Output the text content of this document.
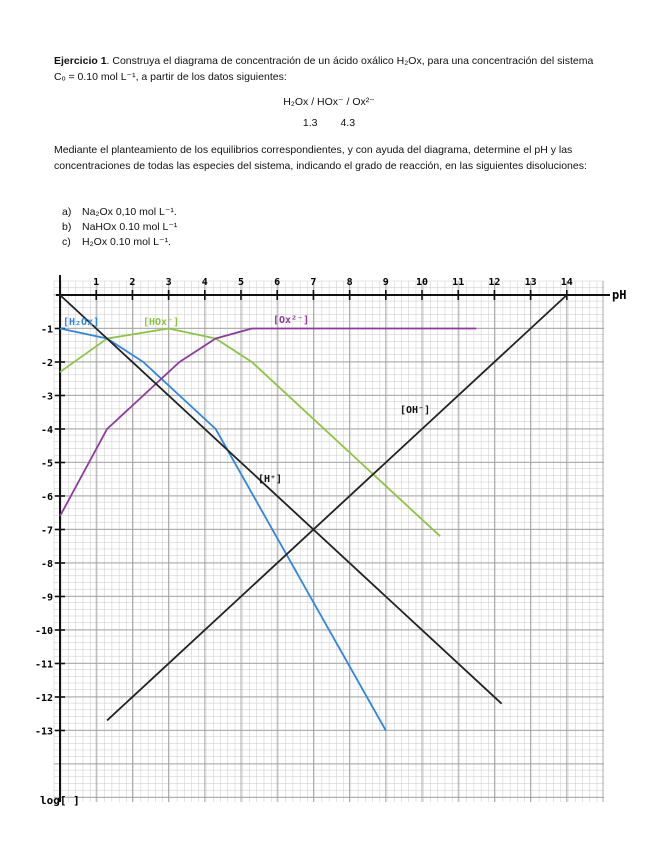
Ejercicio 1. Construya el diagrama de concentración de un ácido oxálico H₂Ox, para una concentración del sistema Cₒ = 0.10 mol L⁻¹, a partir de los datos siguientes:
H₂Ox / HOx⁻ / Ox²⁻
1.3 4.3
Mediante el planteamiento de los equilibrios correspondientes, y con ayuda del diagrama, determine el pH y las concentraciones de todas las especies del sistema, indicando el grado de reacción, en las siguientes disoluciones:
a) Na₂Ox 0,10 mol L⁻¹.
b) NaHOx 0.10 mol L⁻¹
c) H₂Ox 0.10 mol L⁻¹.
1	2	3	4	5	6	7	8	9	10 11 12 13 14
-1
-2
-3
-4
-5
-6
-7
-8
-9
-10
-11
-12
-13
pH
log[ ]
[H₂Ox]	[HOx⁻]	[Ox²⁻]
[H⁺]
[OH⁻]
